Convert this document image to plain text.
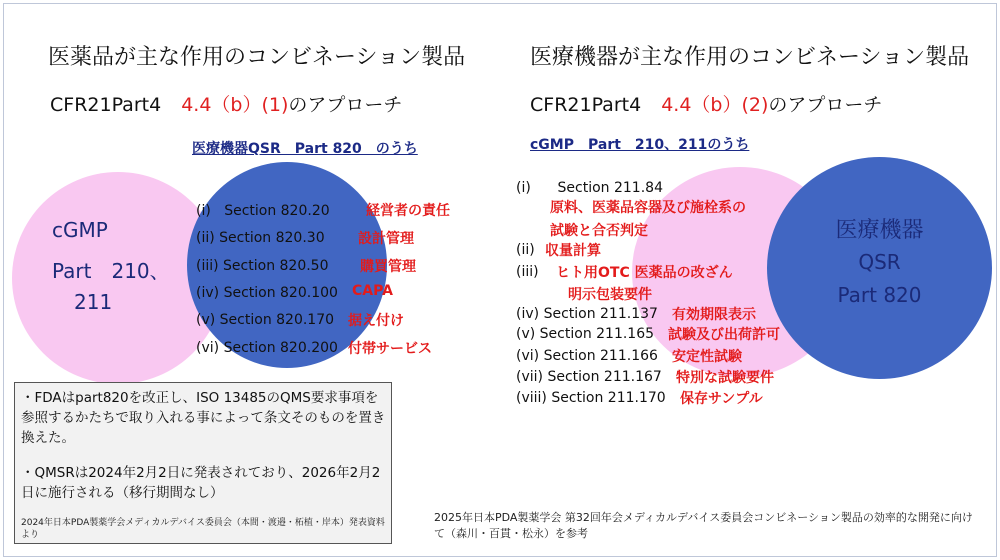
医薬品が主な作用のコンビネーション製品
CFR21Part4 4.4（b）(1)のアプローチ
医療機器QSR　Part 820　のうち
cGMP
Part　210、
211
(i) Section 820.20	経営者の責任
(ii) Section 820.30 設計管理
(iii) Section 820.50 購買管理
(iv) Section 820.100 CAPA
(v) Section 820.170 据え付け
(vi) Section 820.200 付帯サービス
・FDAはpart820を改正し、ISO 13485のQMS要求事項を参照するかたちで取り入れる事によって条文そのものを置き換えた。
・QMSRは2024年2月2日に発表されており、2026年2月2日に施行される（移行期間なし）
2024年日本PDA製薬学会メディカルデバイス委員会（本間・渡邉・柘植・岸本）発表資料より
医療機器が主な作用のコンビネーション製品
CFR21Part4 4.4（b）(2)のアプローチ
cGMP　Part　210、211のうち
医療機器
QSR
Part 820
(i) Section 211.84
原料、医薬品容器及び施栓系の
試験と合否判定
(ii) 収量計算
(iii) ヒト用OTC 医薬品の改ざん
明示包装要件
(iv) Section 211.137 有効期限表示
(v) Section 211.165 試験及び出荷許可
(vi) Section 211.166 安定性試験
(vii) Section 211.167 特別な試験要件
(viii) Section 211.170 保存サンプル
2025年日本PDA製薬学会 第32回年会メディカルデバイス委員会コンビネーション製品の効率的な開発に向けて（森川・百貫・松永）を参考
